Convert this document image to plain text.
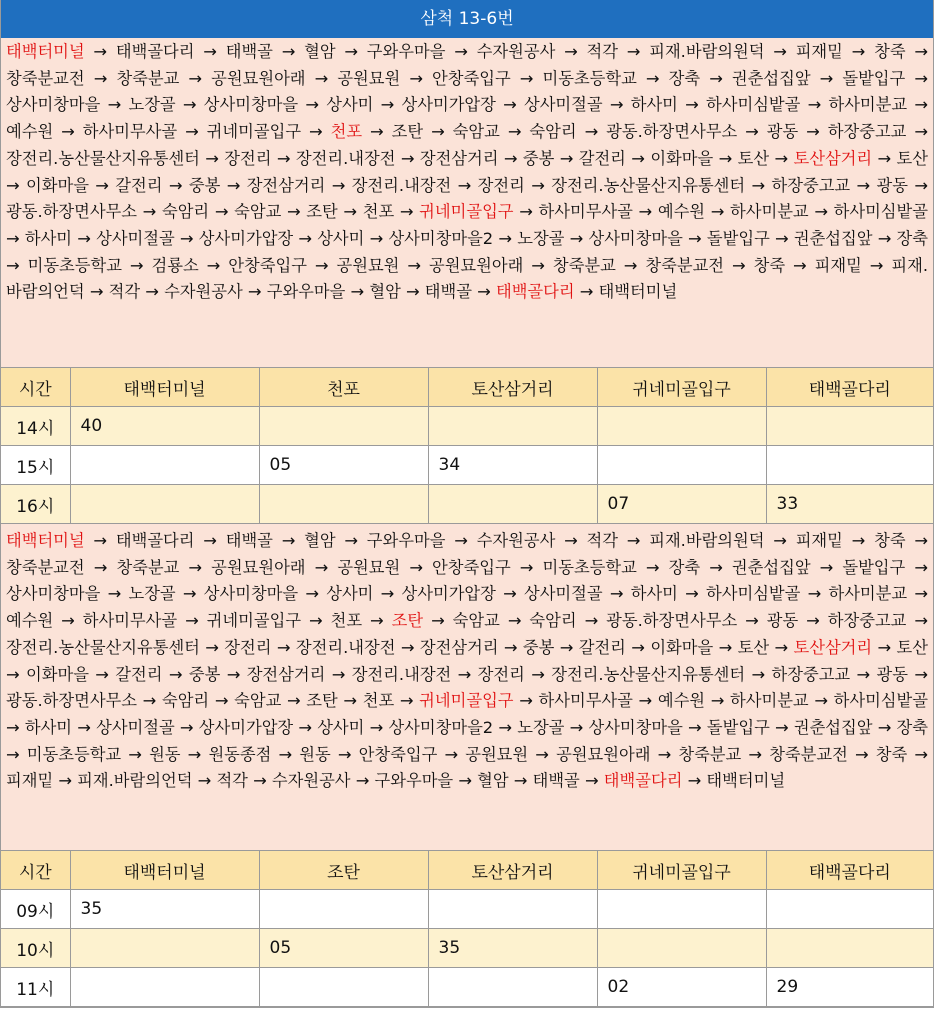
삼척 13-6번
태백터미널 → 태백골다리 → 태백골 → 혈암 → 구와우마을 → 수자원공사 → 적각 → 피재.바람의원덕 → 피재밑 → 창죽 → 창죽분교전 → 창죽분교 → 공원묘원아래 → 공원묘원 → 안창죽입구 → 미동초등학교 → 장축 → 권춘섭집앞 → 돌밭입구 → 상사미창마을 → 노장골 → 상사미창마을 → 상사미 → 상사미가압장 → 상사미절골 → 하사미 → 하사미심밭골 → 하사미분교 → 예수원 → 하사미무사골 → 귀네미골입구 → 천포 → 조탄 → 숙암교 → 숙암리 → 광동.하장면사무소 → 광동 → 하장중고교 → 장전리.농산물산지유통센터 → 장전리 → 장전리.내장전 → 장전삼거리 → 중봉 → 갈전리 → 이화마을 → 토산 → 토산삼거리 → 토산 → 이화마을 → 갈전리 → 중봉 → 장전삼거리 → 장전리.내장전 → 장전리 → 장전리.농산물산지유통센터 → 하장중고교 → 광동 → 광동.하장면사무소 → 숙암리 → 숙암교 → 조탄 → 천포 → 귀네미골입구 → 하사미무사골 → 예수원 → 하사미분교 → 하사미심밭골 → 하사미 → 상사미절골 → 상사미가압장 → 상사미 → 상사미창마을2 → 노장골 → 상사미창마을 → 돌밭입구 → 권춘섭집앞 → 장축 → 미동초등학교 → 검룡소 → 안창죽입구 → 공원묘원 → 공원묘원아래 → 창죽분교 → 창죽분교전 → 창죽 → 피재밑 → 피재.바람의언덕 → 적각 → 수자원공사 → 구와우마을 → 혈암 → 태백골 → 태백골다리 → 태백터미널
시간	태백터미널	천포	토산삼거리	귀네미골입구	태백골다리
14시	40				
15시		05	34		
16시				07	33
태백터미널 → 태백골다리 → 태백골 → 혈암 → 구와우마을 → 수자원공사 → 적각 → 피재.바람의원덕 → 피재밑 → 창죽 → 창죽분교전 → 창죽분교 → 공원묘원아래 → 공원묘원 → 안창죽입구 → 미동초등학교 → 장축 → 권춘섭집앞 → 돌밭입구 → 상사미창마을 → 노장골 → 상사미창마을 → 상사미 → 상사미가압장 → 상사미절골 → 하사미 → 하사미심밭골 → 하사미분교 → 예수원 → 하사미무사골 → 귀네미골입구 → 천포 → 조탄 → 숙암교 → 숙암리 → 광동.하장면사무소 → 광동 → 하장중고교 → 장전리.농산물산지유통센터 → 장전리 → 장전리.내장전 → 장전삼거리 → 중봉 → 갈전리 → 이화마을 → 토산 → 토산삼거리 → 토산 → 이화마을 → 갈전리 → 중봉 → 장전삼거리 → 장전리.내장전 → 장전리 → 장전리.농산물산지유통센터 → 하장중고교 → 광동 → 광동.하장면사무소 → 숙암리 → 숙암교 → 조탄 → 천포 → 귀네미골입구 → 하사미무사골 → 예수원 → 하사미분교 → 하사미심밭골 → 하사미 → 상사미절골 → 상사미가압장 → 상사미 → 상사미창마을2 → 노장골 → 상사미창마을 → 돌밭입구 → 권춘섭집앞 → 장축 → 미동초등학교 → 원동 → 원동종점 → 원동 → 안창죽입구 → 공원묘원 → 공원묘원아래 → 창죽분교 → 창죽분교전 → 창죽 → 피재밑 → 피재.바람의언덕 → 적각 → 수자원공사 → 구와우마을 → 혈암 → 태백골 → 태백골다리 → 태백터미널
시간	태백터미널	조탄	토산삼거리	귀네미골입구	태백골다리
09시	35				
10시		05	35		
11시				02	29
